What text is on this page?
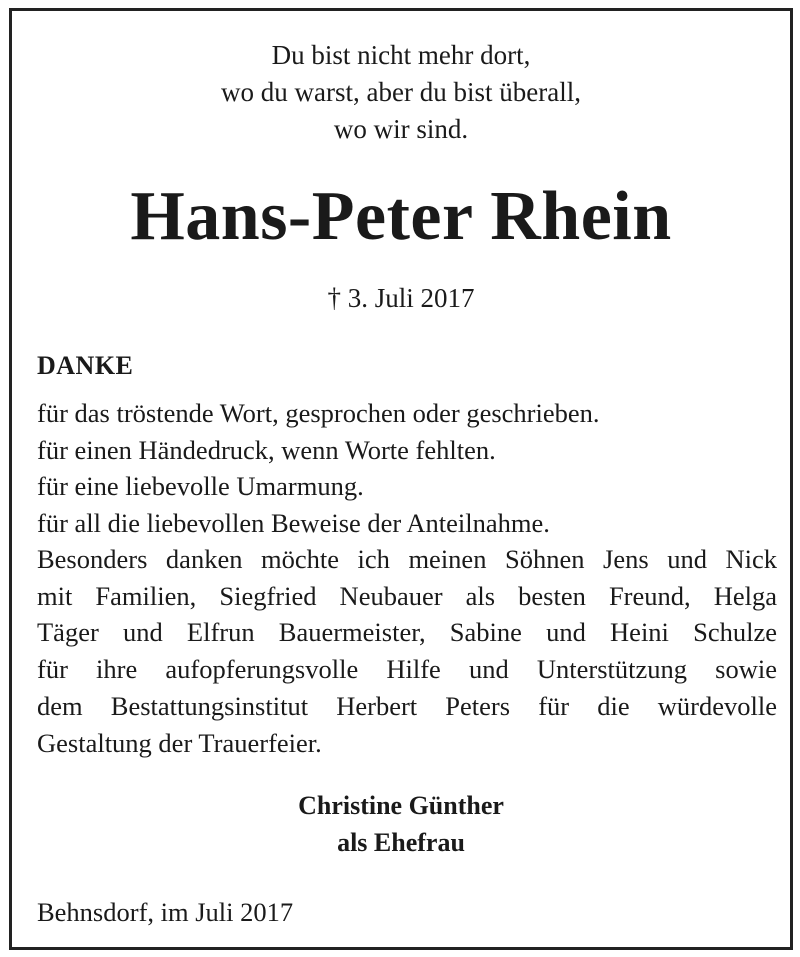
Du bist nicht mehr dort,
wo du warst, aber du bist überall,
wo wir sind.
Hans-Peter Rhein
† 3. Juli 2017
DANKE
für das tröstende Wort, gesprochen oder geschrieben.
für einen Händedruck, wenn Worte fehlten.
für eine liebevolle Umarmung.
für all die liebevollen Beweise der Anteilnahme.
Besonders danken möchte ich meinen Söhnen Jens und Nick
mit Familien, Siegfried Neubauer als besten Freund, Helga
Täger und Elfrun Bauermeister, Sabine und Heini Schulze
für ihre aufopferungsvolle Hilfe und Unterstützung sowie
dem Bestattungsinstitut Herbert Peters für die würdevolle
Gestaltung der Trauerfeier.
Christine Günther
als Ehefrau
Behnsdorf, im Juli 2017
